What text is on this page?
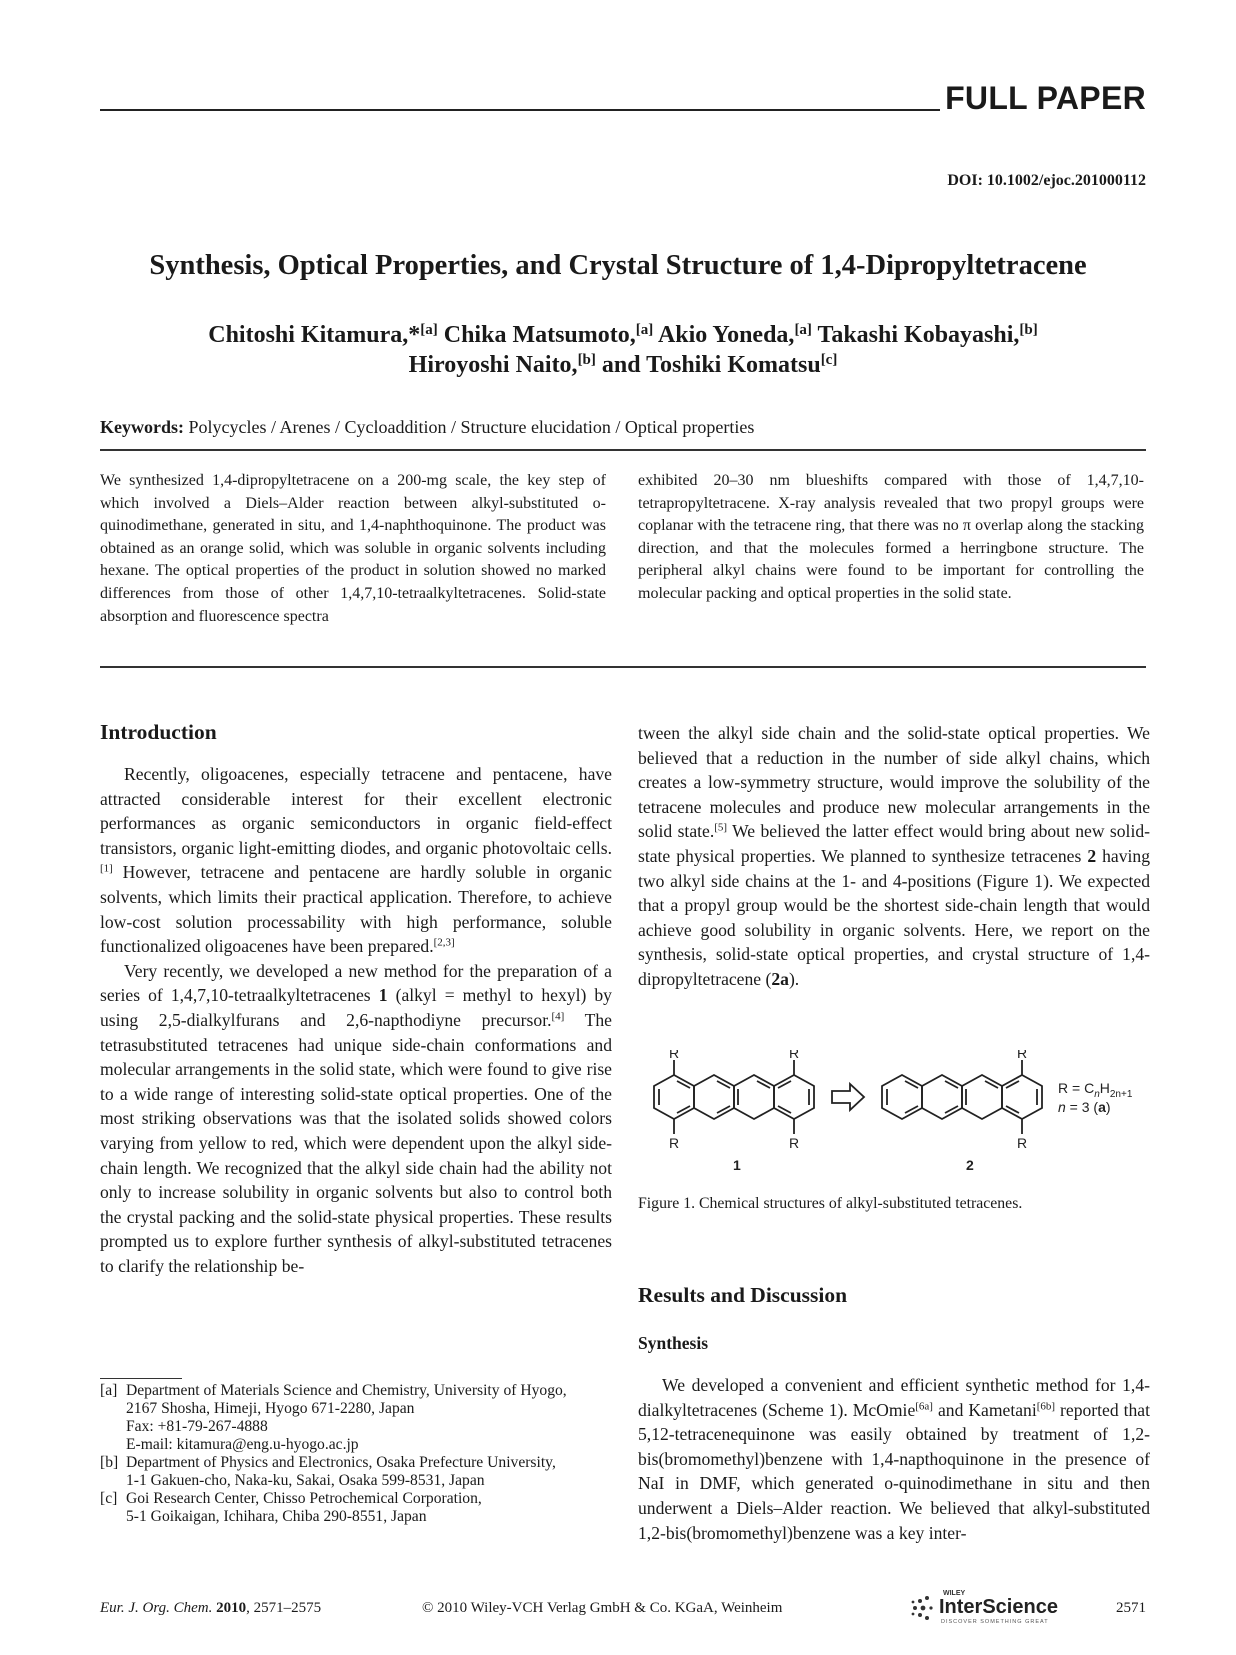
FULL PAPER
DOI: 10.1002/ejoc.201000112
Synthesis, Optical Properties, and Crystal Structure of 1,4-Dipropyltetracene
Chitoshi Kitamura,*[a] Chika Matsumoto,[a] Akio Yoneda,[a] Takashi Kobayashi,[b]
Hiroyoshi Naito,[b] and Toshiki Komatsu[c]
Keywords: Polycycles / Arenes / Cycloaddition / Structure elucidation / Optical properties
We synthesized 1,4-dipropyltetracene on a 200-mg scale, the key step of which involved a Diels–Alder reaction between alkyl-substituted o-quinodimethane, generated in situ, and 1,4-naphthoquinone. The product was obtained as an orange solid, which was soluble in organic solvents including hexane. The optical properties of the product in solution showed no marked differences from those of other 1,4,7,10-tetraalkyltetracenes. Solid-state absorption and fluorescence spectra
exhibited 20–30 nm blueshifts compared with those of 1,4,7,10-tetrapropyltetracene. X-ray analysis revealed that two propyl groups were coplanar with the tetracene ring, that there was no π overlap along the stacking direction, and that the molecules formed a herringbone structure. The peripheral alkyl chains were found to be important for controlling the molecular packing and optical properties in the solid state.
Introduction

Recently, oligoacenes, especially tetracene and pentacene, have attracted considerable interest for their excellent electronic performances as organic semiconductors in organic field-effect transistors, organic light-emitting diodes, and organic photovoltaic cells.[1] However, tetracene and pentacene are hardly soluble in organic solvents, which limits their practical application. Therefore, to achieve low-cost solution processability with high performance, soluble functionalized oligoacenes have been prepared.[2,3]

Very recently, we developed a new method for the preparation of a series of 1,4,7,10-tetraalkyltetracenes 1 (alkyl = methyl to hexyl) by using 2,5-dialkylfurans and 2,6-napthodiyne precursor.[4] The tetrasubstituted tetracenes had unique side-chain conformations and molecular arrangements in the solid state, which were found to give rise to a wide range of interesting solid-state optical properties. One of the most striking observations was that the isolated solids showed colors varying from yellow to red, which were dependent upon the alkyl side-chain length. We recognized that the alkyl side chain had the ability not only to increase solubility in organic solvents but also to control both the crystal packing and the solid-state physical properties. These results prompted us to explore further synthesis of alkyl-substituted tetracenes to clarify the relationship be-

tween the alkyl side chain and the solid-state optical properties. We believed that a reduction in the number of side alkyl chains, which creates a low-symmetry structure, would improve the solubility of the tetracene molecules and produce new molecular arrangements in the solid state.[5] We believed the latter effect would bring about new solid-state physical properties. We planned to synthesize tetracenes 2 having two alkyl side chains at the 1- and 4-positions (Figure 1). We expected that a propyl group would be the shortest side-chain length that would achieve good solubility in organic solvents. Here, we report on the synthesis, solid-state optical properties, and crystal structure of 1,4-dipropyltetracene (2a).

R	R
R	R
R
R
1	2
$R = C_nH_{2n+1}$
n = 3 (a)
Figure 1. Chemical structures of alkyl-substituted tetracenes.
Results and Discussion
Synthesis

We developed a convenient and efficient synthetic method for 1,4-dialkyltetracenes (Scheme 1). McOmie[6a] and Kametani[6b] reported that 5,12-tetracenequinone was easily obtained by treatment of 1,2-bis(bromomethyl)benzene with 1,4-napthoquinone in the presence of NaI in DMF, which generated o-quinodimethane in situ and then underwent a Diels–Alder reaction. We believed that alkyl-substituted 1,2-bis(bromomethyl)benzene was a key inter-

[a] Department of Materials Science and Chemistry, University of Hyogo,
2167 Shosha, Himeji, Hyogo 671-2280, Japan
Fax: +81-79-267-4888
E-mail: kitamura@eng.u-hyogo.ac.jp
[b] Department of Physics and Electronics, Osaka Prefecture University,
1-1 Gakuen-cho, Naka-ku, Sakai, Osaka 599-8531, Japan
[c] Goi Research Center, Chisso Petrochemical Corporation,
5-1 Goikaigan, Ichihara, Chiba 290-8551, Japan
Eur. J. Org. Chem. 2010, 2571–2575	© 2010 Wiley-VCH Verlag GmbH & Co. KGaA, Weinheim
WILEY
InterScience
DISCOVER SOMETHING GREAT
2571
